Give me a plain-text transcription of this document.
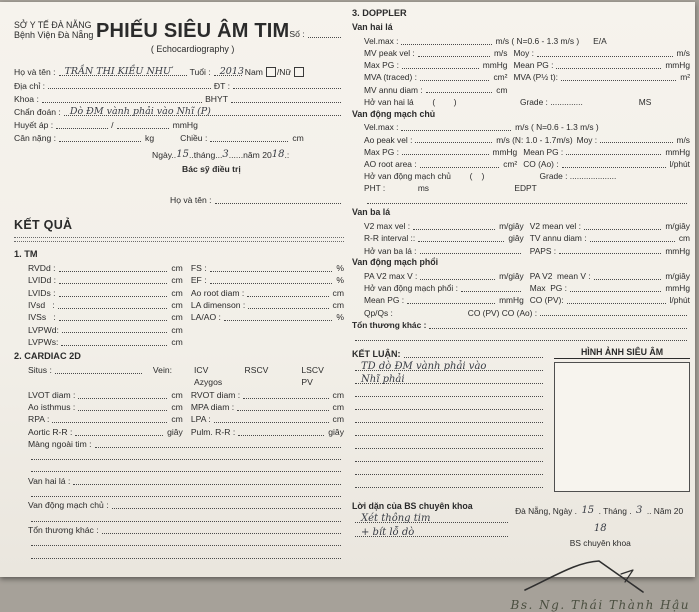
SỞ Y TẾ ĐÀ NẴNG
Bệnh Viện Đà Nẵng PHIẾU SIÊU ÂM TIM
( Echocardiography )
Số :
Họ và tên : TRẦN THỊ KIỀU NHƯ Tuổi : 2013 Nam / Nữ
Địa chỉ :	ĐT :
Khoa :	BHYT
Chẩn đoán : Dò ĐM vành phải vào Nhĩ (P)
Huyết áp :	/	mmHg
Cân nặng :	kg	Chiều :	cm
Ngày.. 15 ..tháng... 3 ......năm 20 18 .:
Bác sỹ điều trị
Họ và tên :
KẾT QUẢ
1. TM
RVDd :	cm FS :	%
LVIDd :	cm EF :	%
LVIDs :	cm Ao root diam :	cm
IVsd   :	cm LA dimenson :	cm
IVSs   :	cm LA/AO :	%
LVPWd:	cm
LVPWs:	cm
2. CARDIAC 2D
Situs :	Vein:	ICV	RSCV	LSCV
Azygos	PV
LVOT diam :	cm RVOT diam :	cm
Ao isthmus :	cm MPA diam :	cm
RPA :	cm LPA :	cm
Aortic R-R :	giây Pulm. R-R :	giây
Màng ngoài tim :
Van hai lá :
Van động mạch chủ :
Tổn thương khác :
3. DOPPLER
Van hai lá
Vel.max :	m/s ( N=0.6 - 1.3 m/s ) E/A
MV peak vel :	m/s Moy :	m/s
Max PG :	mmHg Mean PG :	mmHg
MVA (traced) :	cm² MVA (P½ t):	m²
MV annu diam :	cm
Hở van hai lá        (        )	Grade : ..............	MS
Van động mạch chủ
Vel.max :	m/s ( N=0.6 - 1.3 m/s )
Ao peak vel :	m/s (N: 1.0 - 1.7m/s) Moy :	m/s
Max PG :	mmHg Mean PG :	mmHg
AO root area :	cm² CO (Ao) :	l/phút
Hở van động mạch chủ        (    )	Grade : ....................
PHT :              ms	EDPT
Van ba lá
V2 max vel :	m/giây V2 mean vel :	m/giây
R-R interval ::	giây TV annu diam :	cm
Hở van ba lá :	PAPS :	mmHg
Van động mạch phổi
PA V2 max V :	m/giây PA V2  mean V :	m/giây
Hở van động mạch phổi :	Max  PG :	mmHg
Mean PG :	mmHg CO (PV):	l/phút
Qp/Qs :	CO (PV) CO (Ao) :
Tổn thương khác :
KẾT LUẬN:
TD dò ĐM vành phải vào
Nhĩ phải
HÌNH ẢNH SIÊU ÂM
Lời dặn của BS chuyên khoa
Xét thông tim
+ bít lỗ dò
Đà Nẵng, Ngày . 15 . Tháng . 3 .. Năm 20  18
BS chuyên khoa
Bs. Ng. Thái Thành Hậu
